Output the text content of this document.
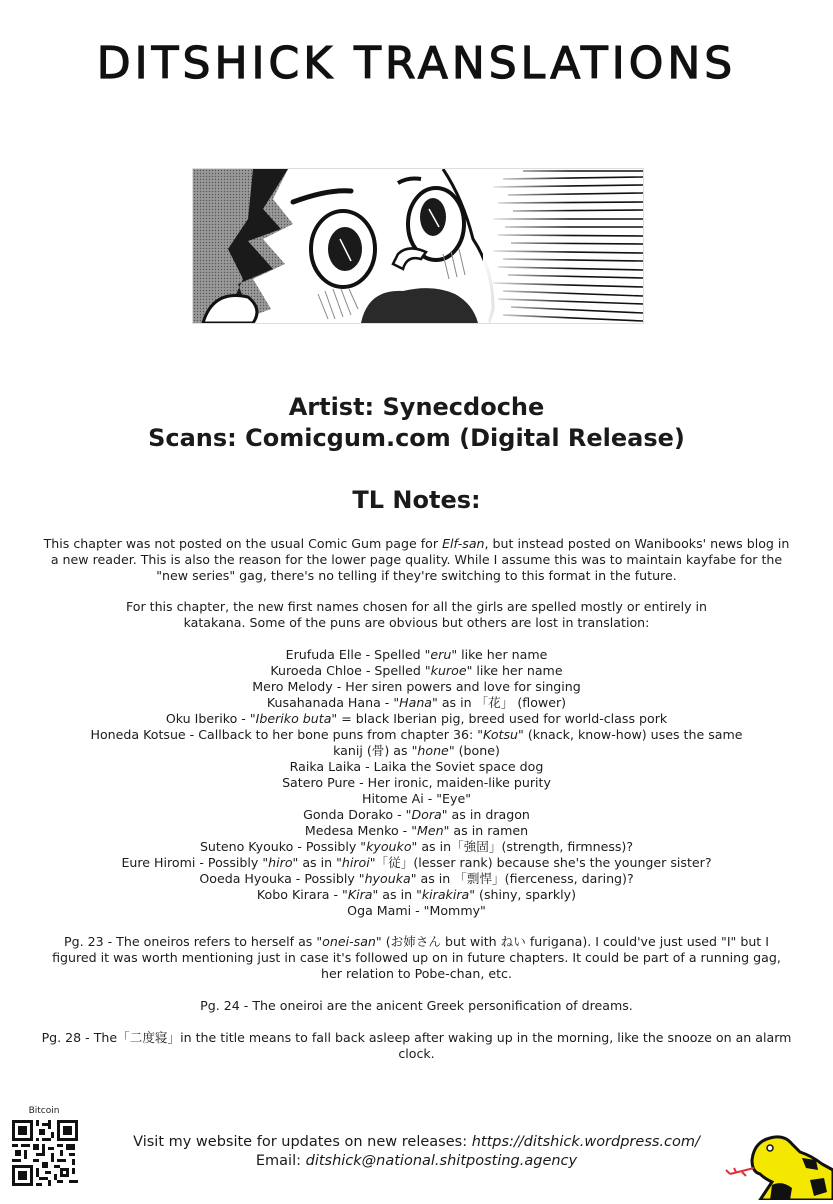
DITSHICK TRANSLATIONS
Artist: Synecdoche
Scans: Comicgum.com (Digital Release)
TL Notes:

This chapter was not posted on the usual Comic Gum page for Elf-san, but instead posted on Wanibooks' news blog in a new reader. This is also the reason for the lower page quality. While I assume this was to maintain kayfabe for the "new series" gag, there's no telling if they're switching to this format in the future.

For this chapter, the new first names chosen for all the girls are spelled mostly or entirely in katakana. Some of the puns are obvious but others are lost in translation:

Erufuda Elle - Spelled "eru" like her name

Kuroeda Chloe - Spelled "kuroe" like her name

Mero Melody - Her siren powers and love for singing

Kusahanada Hana - "Hana" as in 「花」 (flower)

Oku Iberiko - "Iberiko buta" = black Iberian pig, breed used for world-class pork

Honeda Kotsue - Callback to her bone puns from chapter 36: "Kotsu" (knack, know-how) uses the same kanij (骨) as "hone" (bone)

Raika Laika - Laika the Soviet space dog

Satero Pure - Her ironic, maiden-like purity

Hitome Ai - "Eye"

Gonda Dorako - "Dora" as in dragon

Medesa Menko - "Men" as in ramen

Suteno Kyouko - Possibly "kyouko" as in「強固」(strength, firmness)?

Eure Hiromi - Possibly "hiro" as in "hiroi"「従」(lesser rank) because she's the younger sister?

Ooeda Hyouka - Possibly "hyouka" as in 「剽悍」(fierceness, daring)?

Kobo Kirara - "Kira" as in "kirakira" (shiny, sparkly)

Oga Mami - "Mommy"

Pg. 23 - The oneiros refers to herself as "onei-san" (お姉さん but with ねい furigana). I could've just used "I" but I figured it was worth mentioning just in case it's followed up on in future chapters. It could be part of a running gag, her relation to Pobe-chan, etc.

Pg. 24 - The oneiroi are the anicent Greek personification of dreams.
Pg. 28 - The「二度寝」in the title means to fall back asleep after waking up in the morning, like the snooze on an alarm clock.
Bitcoin
Visit my website for updates on new releases: https://ditshick.wordpress.com/
Email: ditshick@national.shitposting.agency
